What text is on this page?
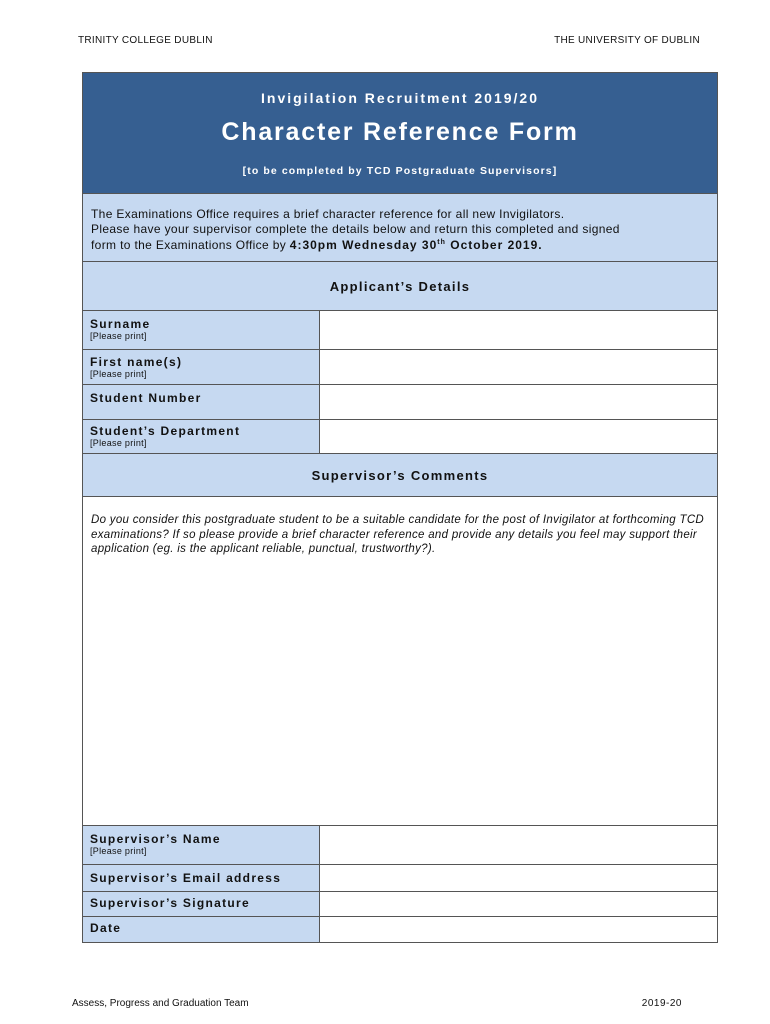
TRINITY COLLEGE DUBLIN	THE UNIVERSITY OF DUBLIN
Invigilation Recruitment 2019/20
Character Reference Form
[to be completed by TCD Postgraduate Supervisors]
The Examinations Office requires a brief character reference for all new Invigilators.
Please have your supervisor complete the details below and return this completed and signed
form to the Examinations Office by 4:30pm Wednesday 30th October 2019.
Applicant’s Details
Surname
[Please print]
First name(s)
[Please print]
Student Number
Student’s Department
[Please print]
Supervisor’s Comments
Do you consider this postgraduate student to be a suitable candidate for the post of Invigilator at forthcoming TCD examinations? If so please provide a brief character reference and provide any details you feel may support their application (eg. is the applicant reliable, punctual, trustworthy?).
Supervisor’s Name
[Please print]
Supervisor’s Email address
Supervisor’s Signature
Date
Assess, Progress and Graduation Team	2019-20
